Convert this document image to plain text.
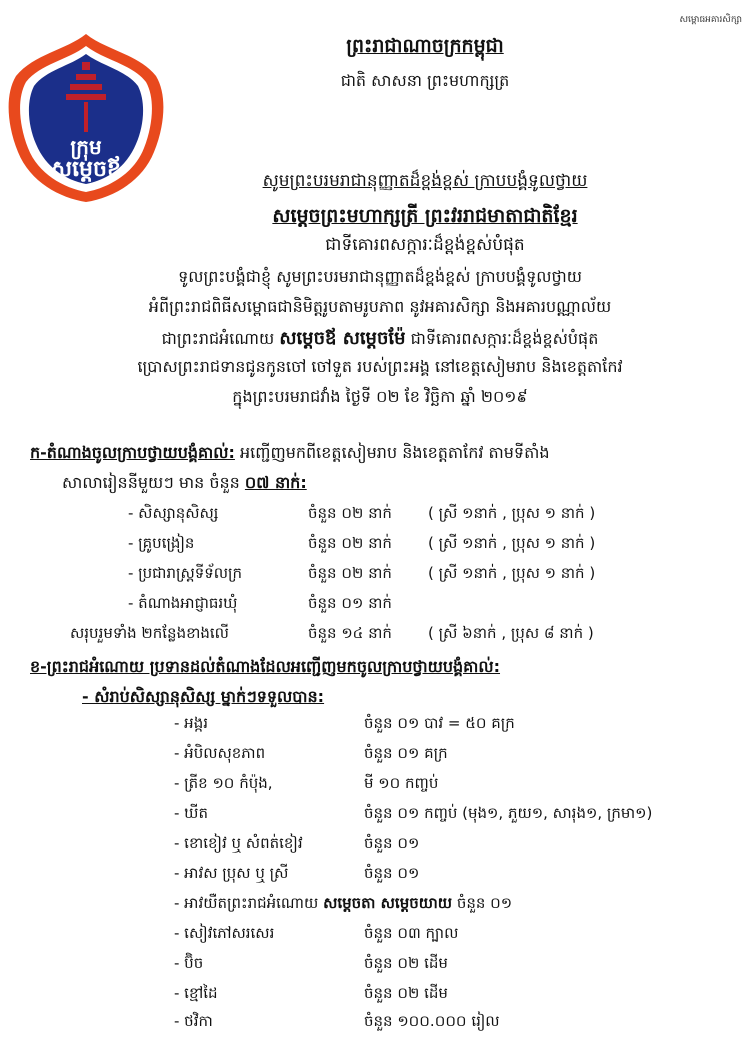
សម្ពោធអគារសិក្សា
ក្រុម
សម្តេចឪ
ព្រះរាជាណាចក្រកម្ពុជា
ជាតិ សាសនា ព្រះមហាក្សត្រ
សូមព្រះបរមរាជានុញ្ញាតដ៏ខ្ពង់ខ្ពស់ ក្រាបបង្គំទូលថ្វាយ
សម្តេចព្រះមហាក្សត្រី ព្រះវររាជមាតាជាតិខ្មែរ
ជាទីគោរពសក្ការៈដ៏ខ្ពង់ខ្ពស់បំផុត
ទូលព្រះបង្គំជាខ្ញុំ សូមព្រះបរមរាជានុញ្ញាតដ៏ខ្ពង់ខ្ពស់ ក្រាបបង្គំទូលថ្វាយ
អំពីព្រះរាជពិធីសម្ពោធជានិមិត្តរូបតាមរូបភាព នូវអគារសិក្សា និងអគារបណ្ណាល័យ
ជាព្រះរាជអំណោយ សម្តេចឪ សម្តេចម៉ែ ជាទីគោរពសក្ការៈដ៏ខ្ពង់ខ្ពស់បំផុត
ប្រោសព្រះរាជទានជូនកូនចៅ ចៅទួត របស់ព្រះអង្គ នៅខេត្តសៀមរាប និងខេត្តតាកែវ
ក្នុងព្រះបរមរាជវាំង ថ្ងៃទី ០២ ខែ វិច្ឆិកា ឆ្នាំ ២០១៩
ក-តំណាងចូលក្រាបថ្វាយបង្គំគាល់: អញ្ជើញមកពីខេត្តសៀមរាប និងខេត្តតាកែវ តាមទីតាំង
សាលារៀននីមួយៗ មាន ចំនួន ០៧ នាក់:
- សិស្សានុសិស្ស	ចំនួន ០២ នាក់ ( ស្រី ១នាក់ , ប្រុស ១ នាក់ )
- គ្រូបង្រៀន	ចំនួន ០២ នាក់ ( ស្រី ១នាក់ , ប្រុស ១ នាក់ )
- ប្រជារាស្ត្រទីទ័លក្រ	ចំនួន ០២ នាក់ ( ស្រី ១នាក់ , ប្រុស ១ នាក់ )
- តំណាងអាជ្ញាធរឃុំ	ចំនួន ០១ នាក់
សរុបរួមទាំង ២កន្លែងខាងលើ	ចំនួន ១៤ នាក់ ( ស្រី ៦នាក់ , ប្រុស ៨ នាក់ )
ខ-ព្រះរាជអំណោយ ប្រទានដល់តំណាងដែលអញ្ជើញមកចូលក្រាបថ្វាយបង្គំគាល់:
- សំរាប់សិស្សានុសិស្ស ម្នាក់ៗទទួលបាន:
- អង្ករ	ចំនួន ០១ បាវ = ៥០ គក្រ
- អំបិលសុខភាព	ចំនួន ០១ គក្រ
- ត្រីខ ១០ កំប៉ុង,	មី ១០ កញ្ចប់
- ឃីត	ចំនួន ០១ កញ្ចប់ (មុង១, ភួយ១, សារុង១, ក្រមា១)
- ខោខៀវ ឬ សំពត់ខៀវ	ចំនួន ០១
- អាវស ប្រុស ឬ ស្រី	ចំនួន ០១
- អាវយឺតព្រះរាជអំណោយ សម្តេចតា សម្តេចយាយ ចំនួន ០១
- សៀវភៅសរសេរ	ចំនួន ០៣ ក្បាល
- ប៊ិច	ចំនួន ០២ ដើម
- ខ្មៅដៃ	ចំនួន ០២ ដើម
- ថវិកា	ចំនួន ១០០.០០០ រៀល
